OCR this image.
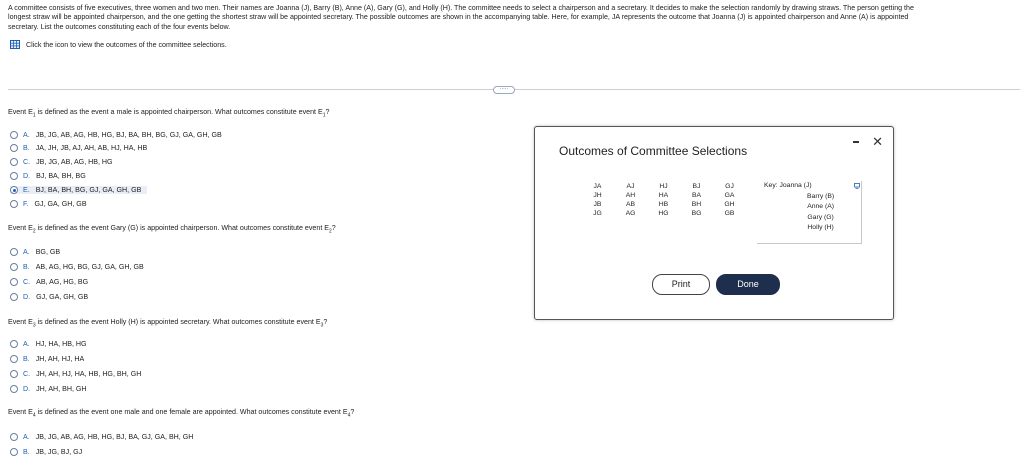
A committee consists of five executives, three women and two men. Their names are Joanna (J), Barry (B), Anne (A), Gary (G), and Holly (H). The committee needs to select a chairperson and a secretary. It decides to make the selection randomly by drawing straws. The person getting the
longest straw will be appointed chairperson, and the one getting the shortest straw will be appointed secretary. The possible outcomes are shown in the accompanying table. Here, for example, JA represents the outcome that Joanna (J) is appointed chairperson and Anne (A) is appointed
secretary. List the outcomes constituting each of the four events below.
Click the icon to view the outcomes of the committee selections.
·····
Event $E_1$ is defined as the event a male is appointed chairperson. What outcomes constitute event $E_1$?
A. JB, JG, AB, AG, HB, HG, BJ, BA, BH, BG, GJ, GA, GH, GB
B. JA, JH, JB, AJ, AH, AB, HJ, HA, HB
C. JB, JG, AB, AG, HB, HG
D. BJ, BA, BH, BG
E. BJ, BA, BH, BG, GJ, GA, GH, GB
F. GJ, GA, GH, GB
Event $E_2$ is defined as the event Gary (G) is appointed chairperson. What outcomes constitute event $E_2$?
A. BG, GB
B. AB, AG, HG, BG, GJ, GA, GH, GB
C. AB, AG, HG, BG
D. GJ, GA, GH, GB
Event $E_3$ is defined as the event Holly (H) is appointed secretary. What outcomes constitute event $E_3$?
A. HJ, HA, HB, HG
B. JH, AH, HJ, HA
C. JH, AH, HJ, HA, HB, HG, BH, GH
D. JH, AH, BH, GH
Event $E_4$ is defined as the event one male and one female are appointed. What outcomes constitute event $E_4$?
A. JB, JG, AB, AG, HB, HG, BJ, BA, GJ, GA, BH, GH
B. JB, JG, BJ, GJ
Outcomes of Committee Selections
✕
JA	AJ	HJ	BJ	GJ
JH	AH	HA	BA	GA
JB	AB	HB	BH	GH
JG	AG	HG	BG	GB
Key: Joanna (J)

Barry (B)
Anne (A)
Gary (G)
Holly (H)
Print	Done
